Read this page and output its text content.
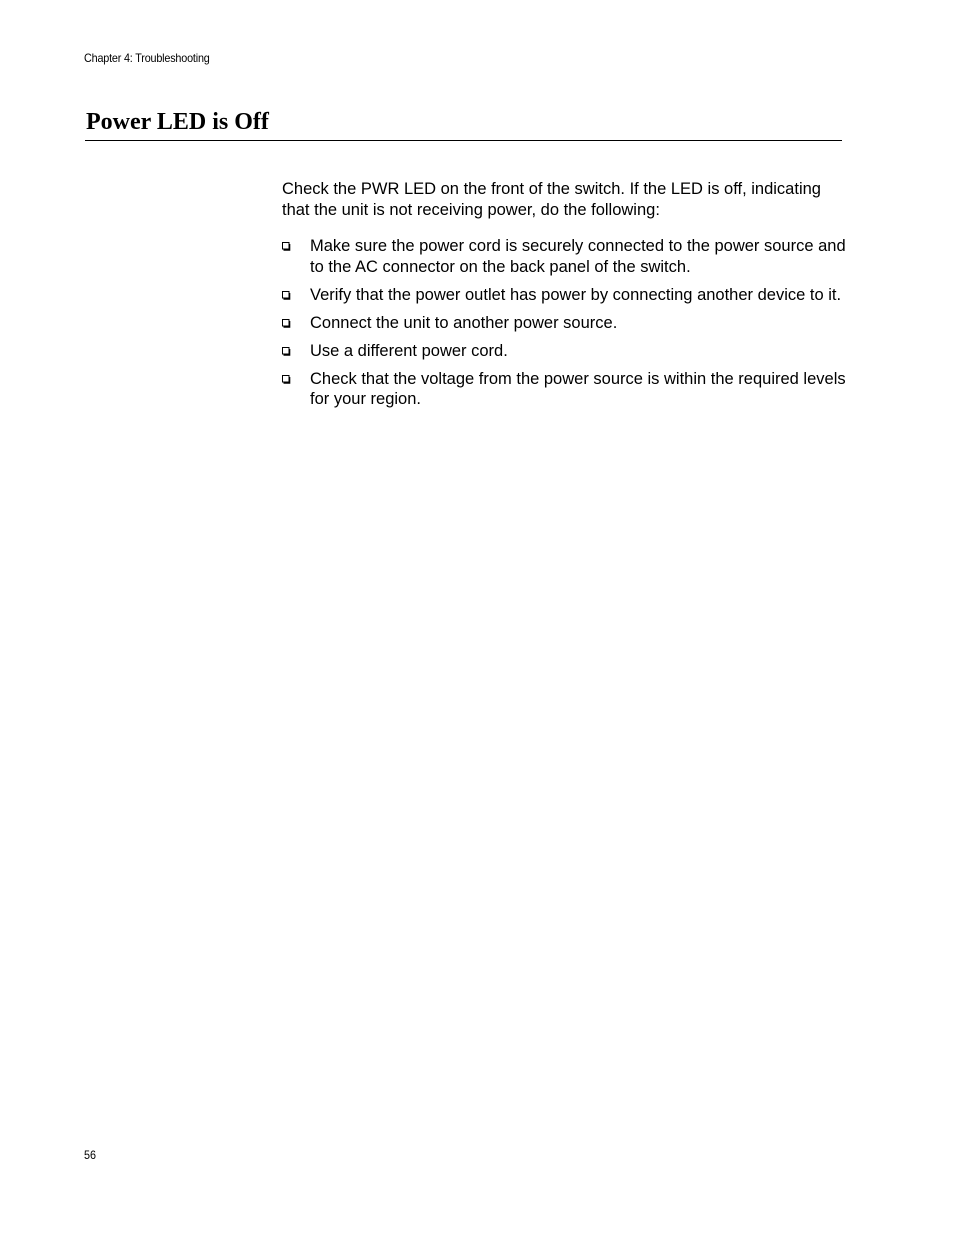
Chapter 4: Troubleshooting
Power LED is Off

Check the PWR LED on the front of the switch. If the LED is off, indicating that the unit is not receiving power, do the following:

Make sure the power cord is securely connected to the power source and to the AC connector on the back panel of the switch.
Verify that the power outlet has power by connecting another device to it.
Connect the unit to another power source.
Use a different power cord.
Check that the voltage from the power source is within the required levels for your region.
56
